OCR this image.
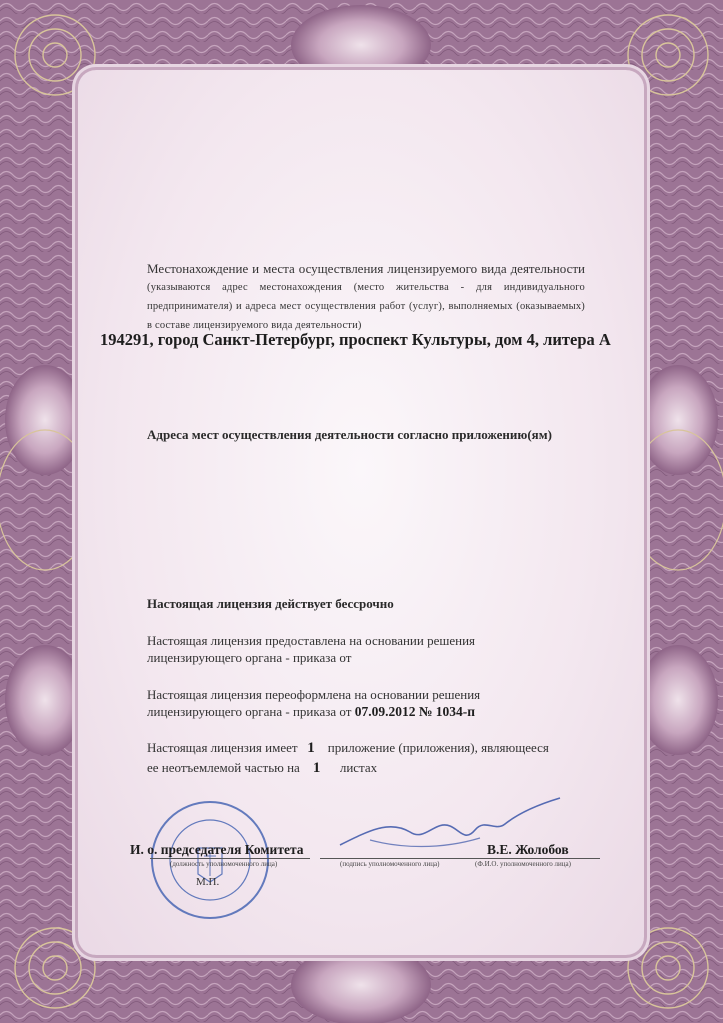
Местонахождение и места осуществления лицензируемого вида деятельности (указываются адрес местонахождения (место жительства - для индивидуального предпринимателя) и адреса мест осуществления работ (услуг), выполняемых (оказываемых) в составе лицензируемого вида деятельности)
194291, город Санкт-Петербург, проспект Культуры, дом 4, литера А
Адреса мест осуществления деятельности согласно приложению(ям)
Настоящая лицензия действует бессрочно
Настоящая лицензия предоставлена на основании решения
лицензирующего органа - приказа от
Настоящая лицензия переоформлена на основании решения
лицензирующего органа - приказа от 07.09.2012 № 1034-п
Настоящая лицензия имеет 1 приложение (приложения), являющееся
ее неотъемлемой частью на 1 листах
И. о. председателя Комитета
(должность уполномоченного лица)	(подпись уполномоченного лица)
В.Е. Жолобов
(Ф.И.О. уполномоченного лица)
М.П.
